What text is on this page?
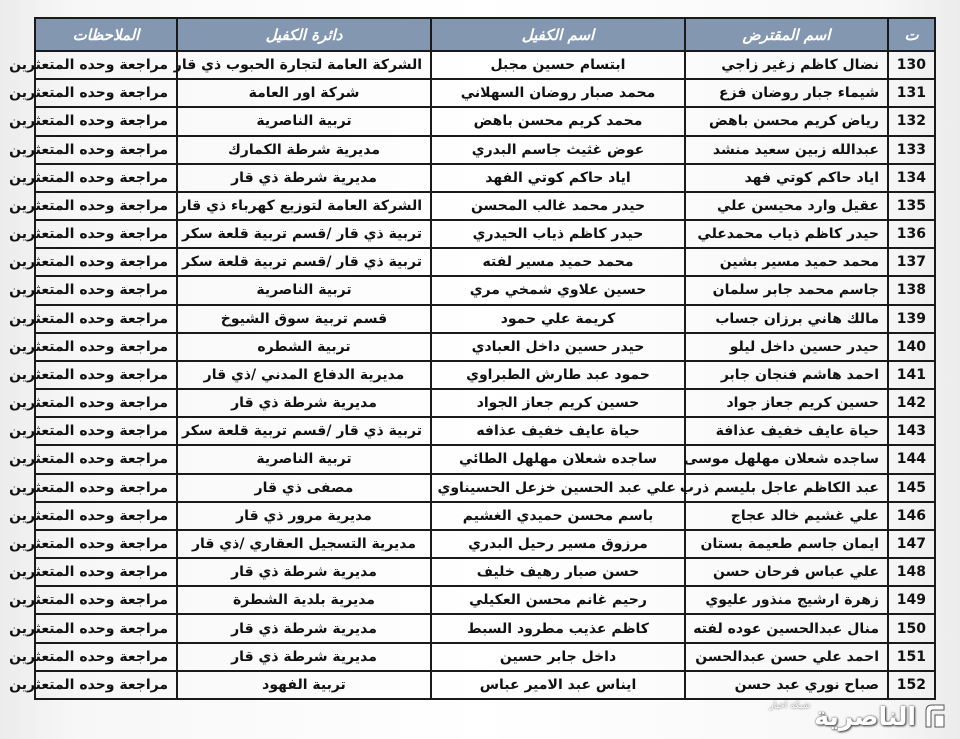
ت	اسم المقترض	اسم الكفيل	دائرة الكفيل	الملاحظات
130	نضال كاظم زغير زاجي	ابتسام حسين مجبل	الشركة العامة لتجارة الحبوب ذي قار	مراجعة وحده المتعثرين
131	شيماء جبار روضان فزع	محمد صبار روضان السهلاني	شركة اور العامة	مراجعة وحده المتعثرين
132	رياض كريم محسن باهض	محمد كريم محسن باهض	تربية الناصرية	مراجعة وحده المتعثرين
133	عبدالله زبين سعيد منشد	عوض غثيث جاسم البدري	مديرية شرطة الكمارك	مراجعة وحده المتعثرين
134	اياد حاكم كوتي فهد	اياد حاكم كوتي الفهد	مديرية شرطة ذي قار	مراجعة وحده المتعثرين
135	عقيل وارد محيسن علي	حيدر محمد غالب المحسن	الشركة العامة لتوزيع كهرباء ذي قار	مراجعة وحده المتعثرين
136	حيدر كاظم ذياب محمدعلي	حيدر كاظم ذياب الحيدري	تربية ذي قار /قسم تربية قلعة سكر	مراجعة وحده المتعثرين
137	محمد حميد مسير بشين	محمد حميد مسير لفته	تربية ذي قار /قسم تربية قلعة سكر	مراجعة وحده المتعثرين
138	جاسم محمد جابر سلمان	حسين علاوي شمخي مري	تربية الناصرية	مراجعة وحده المتعثرين
139	مالك هاني برزان جساب	كريمة علي حمود	قسم تربية سوق الشيوخ	مراجعة وحده المتعثرين
140	حيدر حسين داخل ليلو	حيدر حسين داخل العبادي	تربية الشطره	مراجعة وحده المتعثرين
141	احمد هاشم فنجان جابر	حمود عبد طارش الطبراوي	مديرية الدفاع المدني /ذي قار	مراجعة وحده المتعثرين
142	حسين كريم جعاز جواد	حسين كريم جعاز الجواد	مديرية شرطة ذي قار	مراجعة وحده المتعثرين
143	حياة عايف خفيف عذافة	حياة عايف خفيف عذافه	تربية ذي قار /قسم تربية قلعة سكر	مراجعة وحده المتعثرين
144	ساجده شعلان مهلهل موسى	ساجده شعلان مهلهل الطائي	تربية الناصرية	مراجعة وحده المتعثرين
145	عبد الكاظم عاجل بليسم ذرب	علي عبد الحسين خزعل الحسيناوي	مصفى ذي قار	مراجعة وحده المتعثرين
146	علي غشيم خالد عجاج	باسم محسن حميدي الغشيم	مديرية مرور ذي قار	مراجعة وحده المتعثرين
147	ايمان جاسم طعيمة بستان	مرزوق مسير رحيل البدري	مديرية التسجيل العقاري /ذي قار	مراجعة وحده المتعثرين
148	علي عباس فرحان حسن	حسن صبار رهيف خليف	مديرية شرطة ذي قار	مراجعة وحده المتعثرين
149	زهرة ارشيج منذور عليوي	رحيم غانم محسن العكيلي	مديرية بلدية الشطرة	مراجعة وحده المتعثرين
150	منال عبدالحسين عوده لفته	كاظم عذيب مطرود السبط	مديرية شرطة ذي قار	مراجعة وحده المتعثرين
151	احمد علي حسن عبدالحسن	داخل جابر حسين	مديرية شرطة ذي قار	مراجعة وحده المتعثرين
152	صباح نوري عبد حسن	ايناس عبد الامير عباس	تربية الفهود	مراجعة وحده المتعثرين
الناصرية
شبكة اخبار
